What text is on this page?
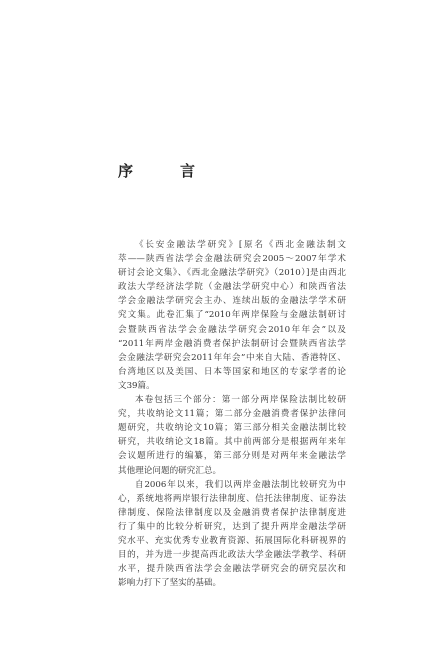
序　言
《长安金融法学研究》[原名《西北金融法制文
萃——陕西省法学会金融法研究会2005～2007年学术
研讨会论文集》、《西北金融法学研究》（2010）]是由西北
政法大学经济法学院（金融法学研究中心）和陕西省法
学会金融法学研究会主办、连续出版的金融法学学术研
究文集。此卷汇集了“2010年两岸保险与金融法制研讨
会暨陕西省法学会金融法学研究会2010年年会”以及
“2011年两岸金融消费者保护法制研讨会暨陕西省法学
会金融法学研究会2011年年会”中来自大陆、香港特区、
台湾地区以及美国、日本等国家和地区的专家学者的论
文39篇。
本卷包括三个部分：第一部分两岸保险法制比较研
究，共收纳论文11篇；第二部分金融消费者保护法律问
题研究，共收纳论文10篇；第三部分相关金融法制比较
研究，共收纳论文18篇。其中前两部分是根据两年来年
会议题所进行的编纂，第三部分则是对两年来金融法学
其他理论问题的研究汇总。
自2006年以来，我们以两岸金融法制比较研究为中
心，系统地将两岸银行法律制度、信托法律制度、证券法
律制度、保险法律制度以及金融消费者保护法律制度进
行了集中的比较分析研究，达到了提升两岸金融法学研
究水平、充实优秀专业教育资源、拓展国际化科研视界的
目的，并为进一步提高西北政法大学金融法学教学、科研
水平，提升陕西省法学会金融法学研究会的研究层次和
影响力打下了坚实的基础。
